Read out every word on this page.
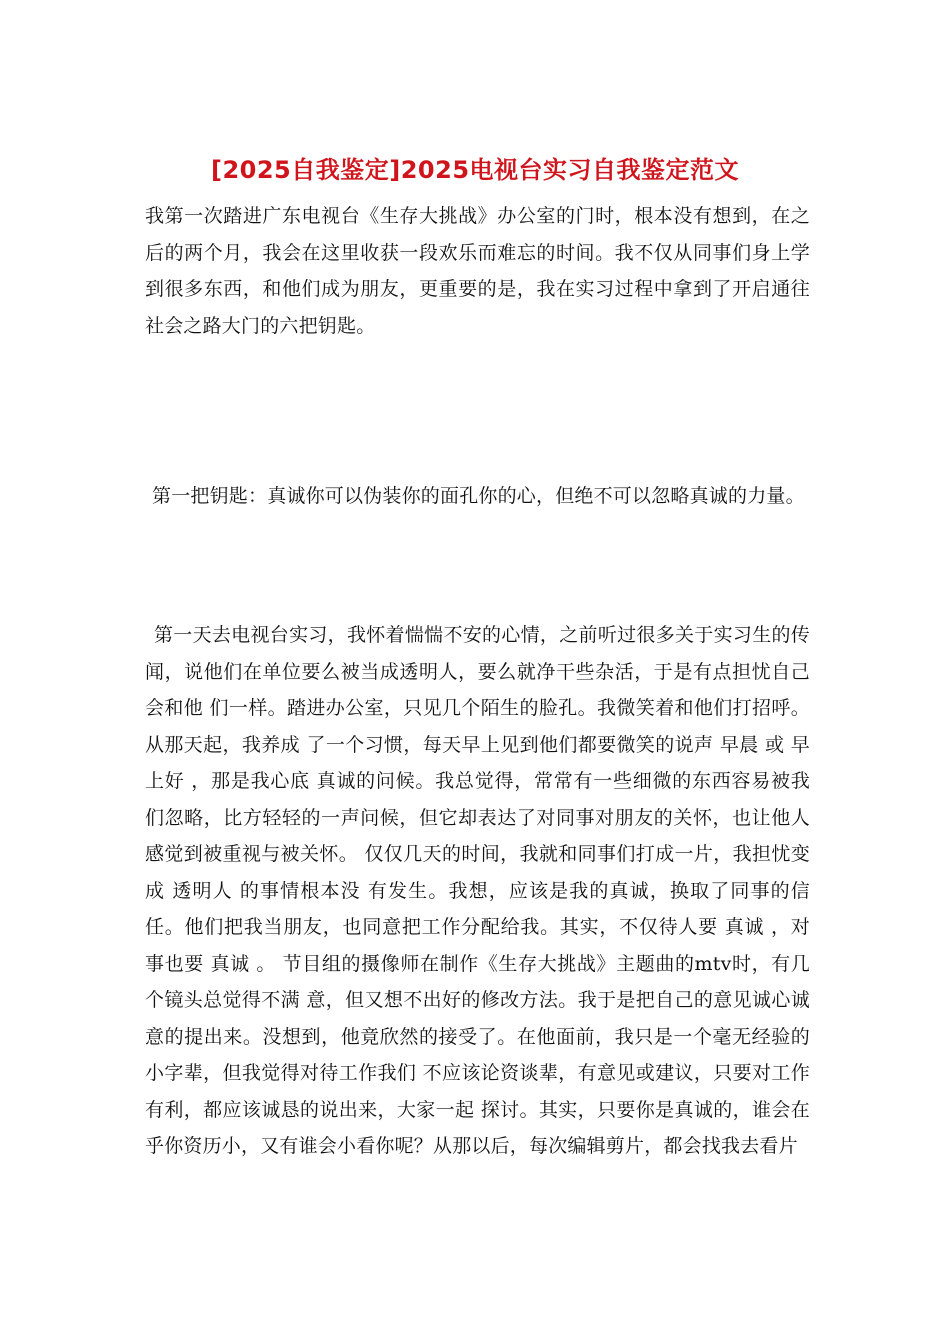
[2025自我鉴定]2025电视台实习自我鉴定范文

我第一次踏进广东电视台《生存大挑战》办公室的门时，根本没有想到，在之后的两个月，我会在这里收获一段欢乐而难忘的时间。我不仅从同事们身上学到很多东西，和他们成为朋友，更重要的是，我在实习过程中拿到了开启通往社会之路大门的六把钥匙。

第一把钥匙：真诚你可以伪装你的面孔你的心，但绝不可以忽略真诚的力量。

第一天去电视台实习，我怀着惴惴不安的心情，之前听过很多关于实习生的传闻，说他们在单位要么被当成透明人，要么就净干些杂活，于是有点担忧自己会和他 们一样。踏进办公室，只见几个陌生的脸孔。我微笑着和他们打招呼。从那天起，我养成 了一个习惯，每天早上见到他们都要微笑的说声 早晨 或 早上好 ，那是我心底 真诚的问候。我总觉得，常常有一些细微的东西容易被我们忽略，比方轻轻的一声问候，但它却表达了对同事对朋友的关怀，也让他人感觉到被重视与被关怀。 仅仅几天的时间，我就和同事们打成一片，我担忧变成 透明人 的事情根本没 有发生。我想，应该是我的真诚，换取了同事的信任。他们把我当朋友，也同意把工作分配给我。其实，不仅待人要 真诚 ，对事也要 真诚 。 节目组的摄像师在制作《生存大挑战》主题曲的mtv时，有几个镜头总觉得不满 意，但又想不出好的修改方法。我于是把自己的意见诚心诚意的提出来。没想到，他竟欣然的接受了。在他面前，我只是一个毫无经验的小字辈，但我觉得对待工作我们 不应该论资谈辈，有意见或建议，只要对工作有利，都应该诚恳的说出来，大家一起 探讨。其实，只要你是真诚的，谁会在乎你资历小，又有谁会小看你呢？从那以后，每次编辑剪片，都会找我去看片
